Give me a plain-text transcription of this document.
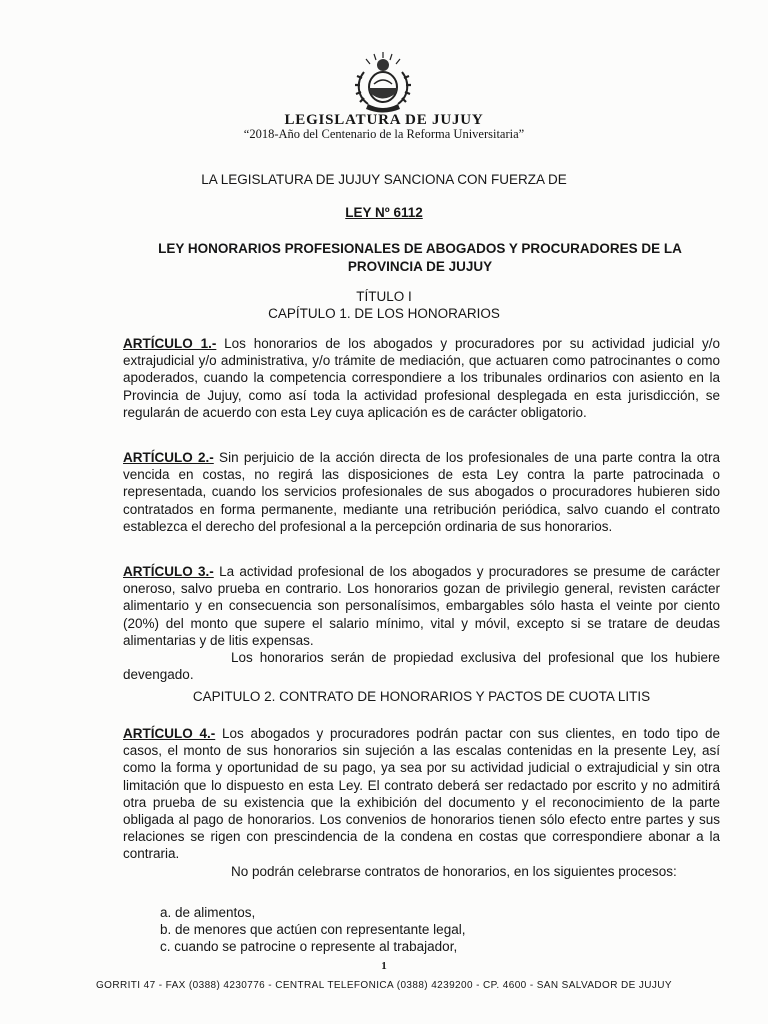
LEGISLATURA DE JUJUY
“2018-Año del Centenario de la Reforma Universitaria”
LA LEGISLATURA DE JUJUY SANCIONA CON FUERZA DE
LEY Nº 6112
LEY HONORARIOS PROFESIONALES DE ABOGADOS Y PROCURADORES DE LA PROVINCIA DE JUJUY
TÍTULO I
CAPÍTULO 1. DE LOS HONORARIOS
ARTÍCULO 1.- Los honorarios de los abogados y procuradores por su actividad judicial y/o extrajudicial y/o administrativa, y/o trámite de mediación, que actuaren como patrocinantes o como apoderados, cuando la competencia correspondiere a los tribunales ordinarios con asiento en la Provincia de Jujuy, como así toda la actividad profesional desplegada en esta jurisdicción, se regularán de acuerdo con esta Ley cuya aplicación es de carácter obligatorio.
ARTÍCULO 2.- Sin perjuicio de la acción directa de los profesionales de una parte contra la otra vencida en costas, no regirá las disposiciones de esta Ley contra la parte patrocinada o representada, cuando los servicios profesionales de sus abogados o procuradores hubieren sido contratados en forma permanente, mediante una retribución periódica, salvo cuando el contrato establezca el derecho del profesional a la percepción ordinaria de sus honorarios.
ARTÍCULO 3.- La actividad profesional de los abogados y procuradores se presume de carácter oneroso, salvo prueba en contrario. Los honorarios gozan de privilegio general, revisten carácter alimentario y en consecuencia son personalísimos, embargables sólo hasta el veinte por ciento (20%) del monto que supere el salario mínimo, vital y móvil, excepto si se tratare de deudas alimentarias y de litis expensas.
Los honorarios serán de propiedad exclusiva del profesional que los hubiere devengado.
CAPITULO 2. CONTRATO DE HONORARIOS Y PACTOS DE CUOTA LITIS
ARTÍCULO 4.- Los abogados y procuradores podrán pactar con sus clientes, en todo tipo de casos, el monto de sus honorarios sin sujeción a las escalas contenidas en la presente Ley, así como la forma y oportunidad de su pago, ya sea por su actividad judicial o extrajudicial y sin otra limitación que lo dispuesto en esta Ley. El contrato deberá ser redactado por escrito y no admitirá otra prueba de su existencia que la exhibición del documento y el reconocimiento de la parte obligada al pago de honorarios. Los convenios de honorarios tienen sólo efecto entre partes y sus relaciones se rigen con prescindencia de la condena en costas que correspondiere abonar a la contraria.
No podrán celebrarse contratos de honorarios, en los siguientes procesos:
a. de alimentos,
b. de menores que actúen con representante legal,
c. cuando se patrocine o represente al trabajador,
1
GORRITI 47 - FAX (0388) 4230776 - CENTRAL TELEFONICA (0388) 4239200 - CP. 4600 - SAN SALVADOR DE JUJUY
